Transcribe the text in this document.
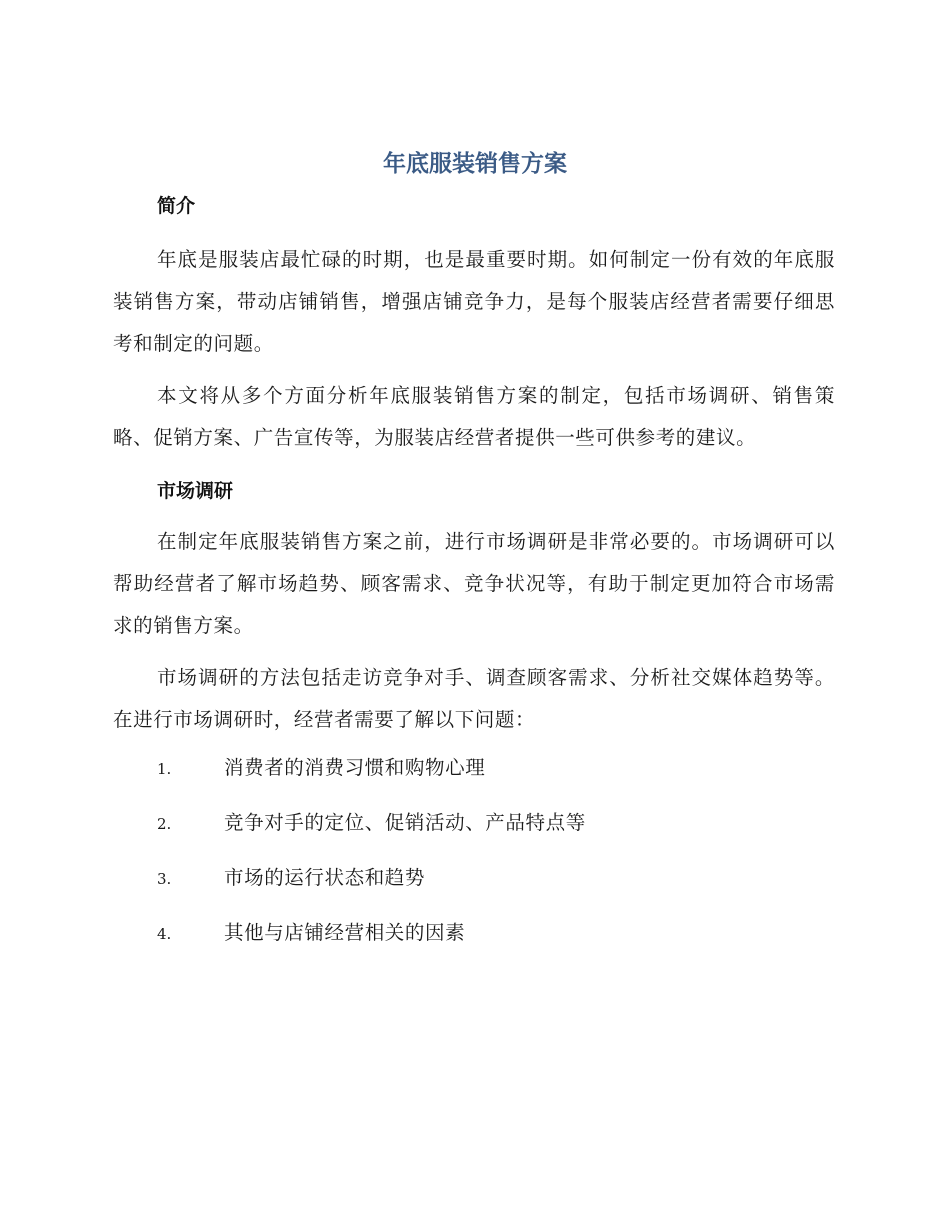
年底服装销售方案
简介

年底是服装店最忙碌的时期，也是最重要时期。如何制定一份有效的年底服装销售方案，带动店铺销售，增强店铺竞争力，是每个服装店经营者需要仔细思考和制定的问题。

本文将从多个方面分析年底服装销售方案的制定，包括市场调研、销售策略、促销方案、广告宣传等，为服装店经营者提供一些可供参考的建议。

市场调研

在制定年底服装销售方案之前，进行市场调研是非常必要的。市场调研可以帮助经营者了解市场趋势、顾客需求、竞争状况等，有助于制定更加符合市场需求的销售方案。

市场调研的方法包括走访竞争对手、调查顾客需求、分析社交媒体趋势等。在进行市场调研时，经营者需要了解以下问题：

1.	消费者的消费习惯和购物心理
2.	竞争对手的定位、促销活动、产品特点等
3.	市场的运行状态和趋势
4.	其他与店铺经营相关的因素
